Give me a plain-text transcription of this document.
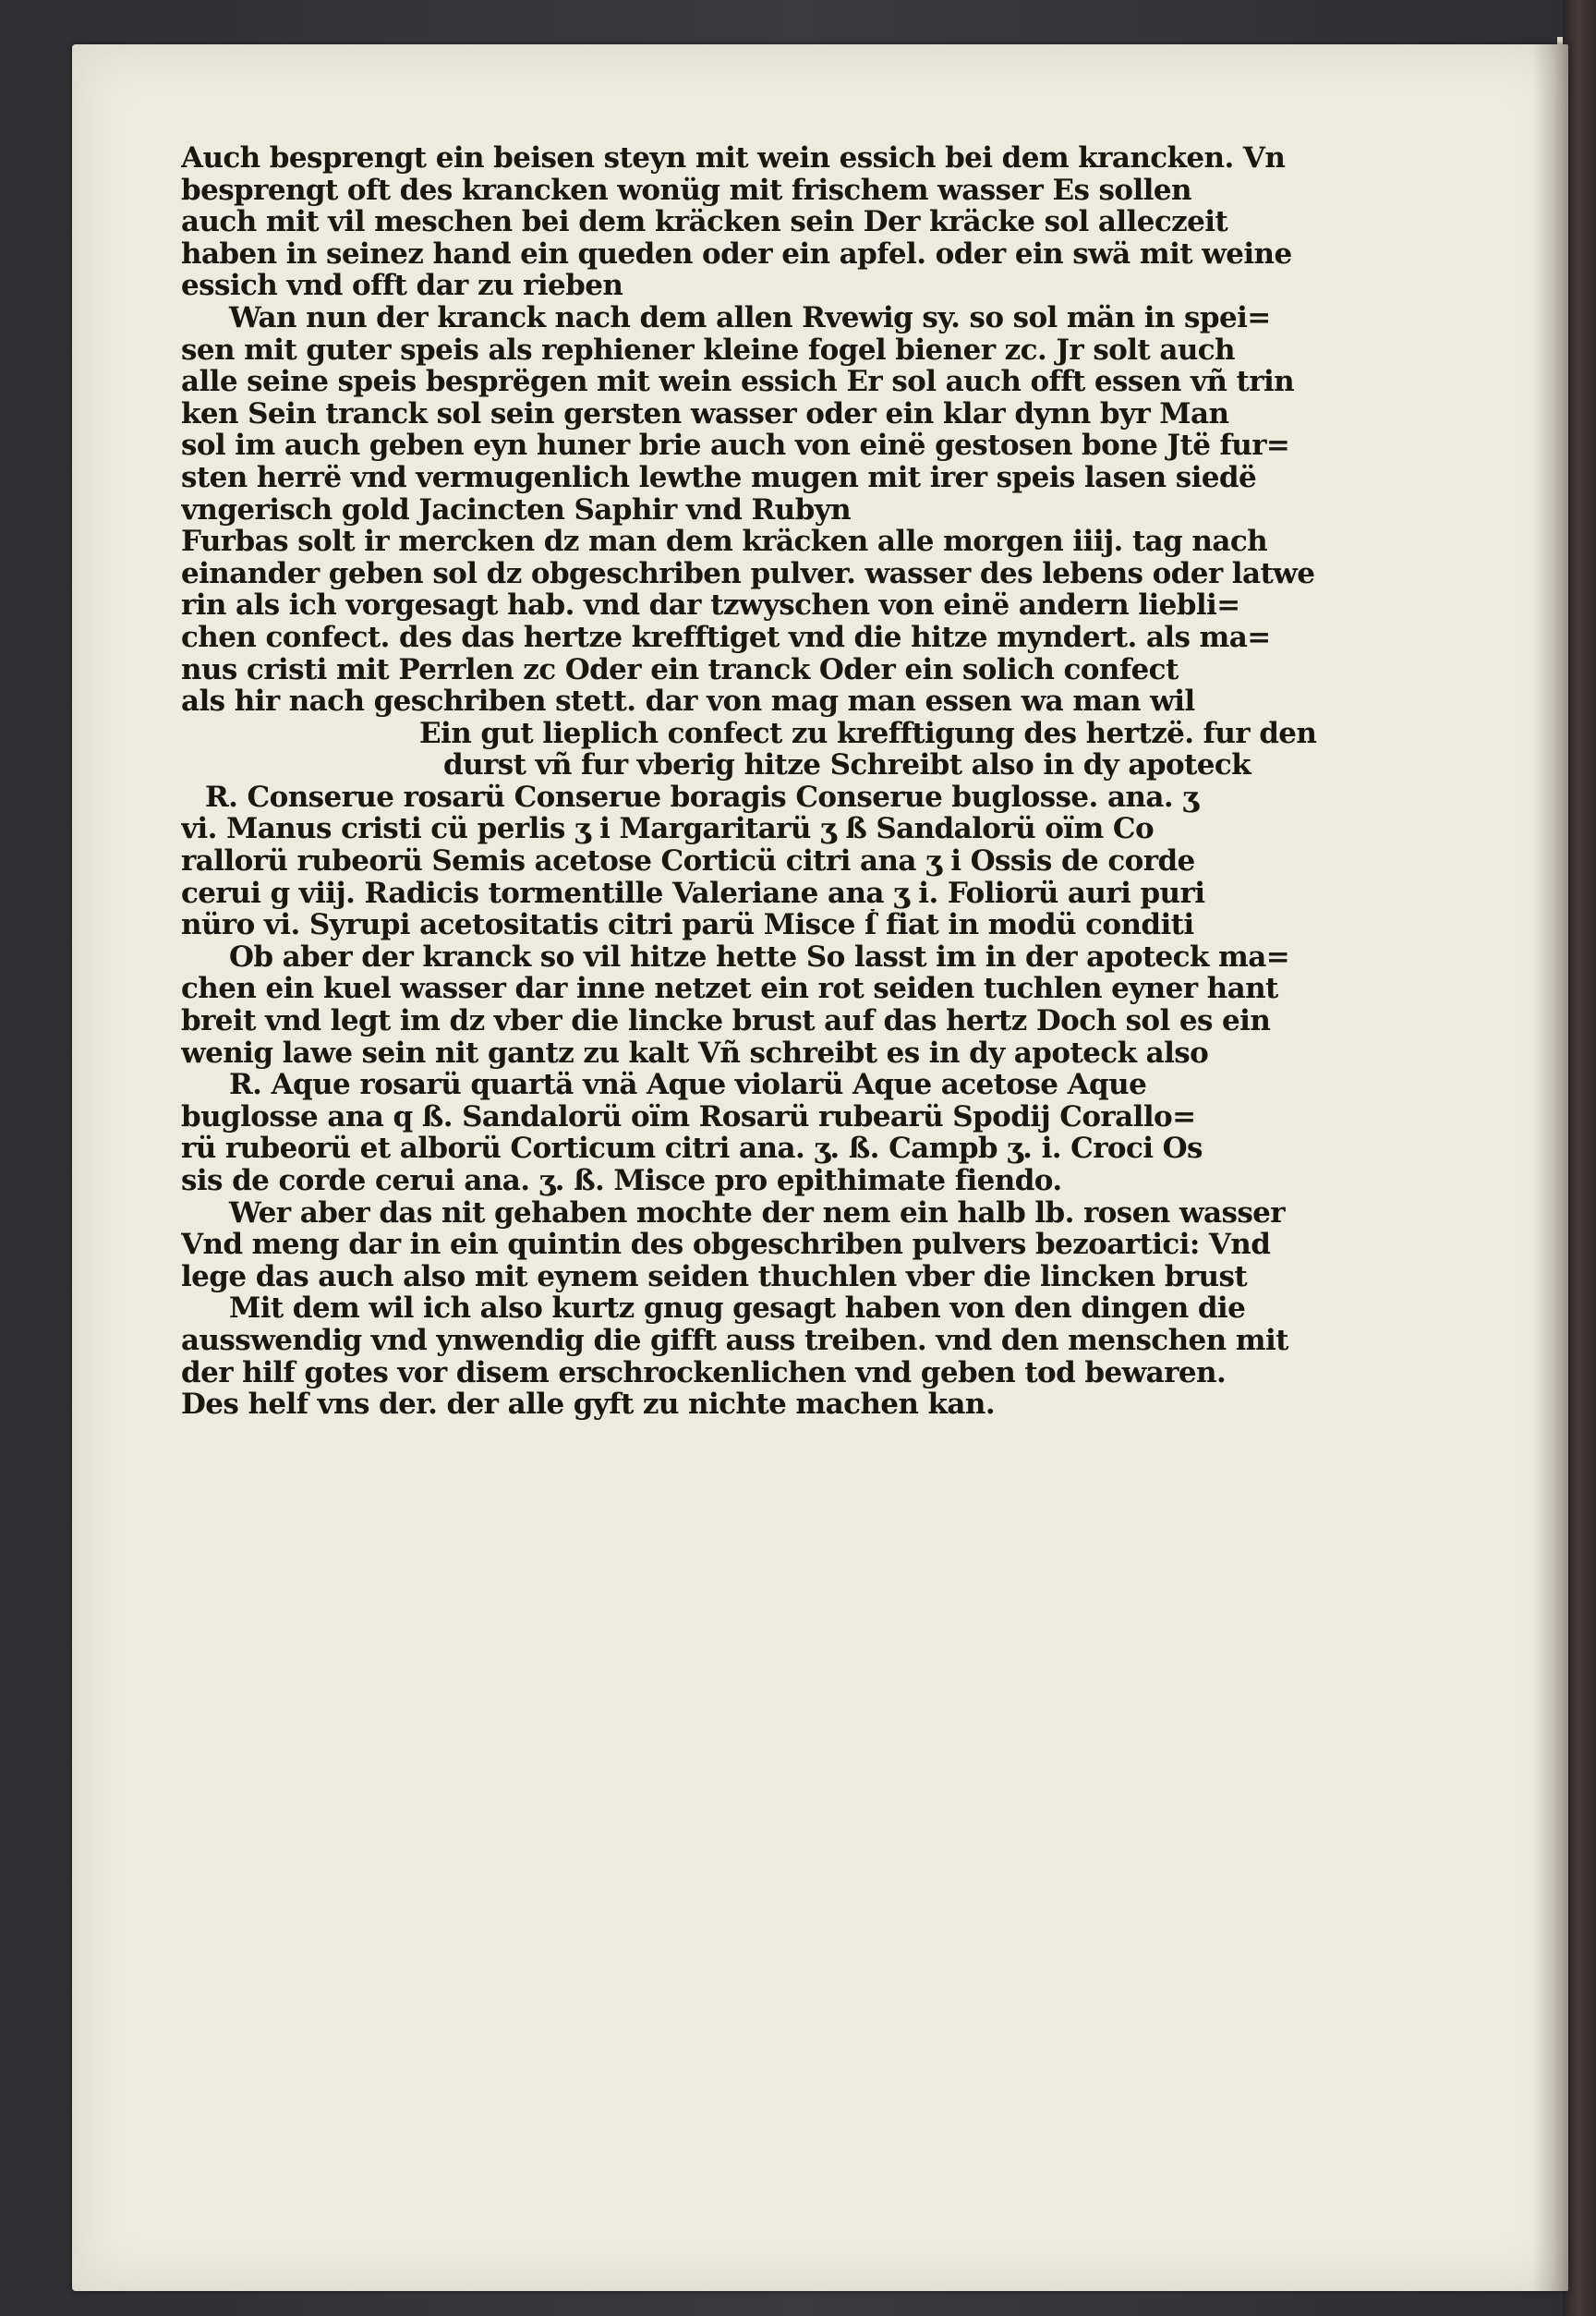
Auch besprengt ein beisen steyn mit wein essich bei dem krancken. Vn
besprengt oft des krancken wonüg mit frischem wasser Es sollen
auch mit vil meschen bei dem kräcken sein Der kräcke sol alleczeit
haben in seinez hand ein queden oder ein apfel. oder ein swä mit weine
essich vnd offt dar zu rieben
Wan nun der kranck nach dem allen Rvewig sy. so sol män in spei=
sen mit guter speis als rephiener kleine fogel biener zc. Jr solt auch
alle seine speis besprëgen mit wein essich Er sol auch offt essen vñ trin
ken Sein tranck sol sein gersten wasser oder ein klar dynn byr Man
sol im auch geben eyn huner brie auch von einë gestosen bone Jtë fur=
sten herrë vnd vermugenlich lewthe mugen mit irer speis lasen siedë
vngerisch gold Jacincten Saphir vnd Rubyn
Furbas solt ir mercken dz man dem kräcken alle morgen iiij. tag nach
einander geben sol dz obgeschriben pulver. wasser des lebens oder latwe
rin als ich vorgesagt hab. vnd dar tzwyschen von einë andern liebli=
chen confect. des das hertze krefftiget vnd die hitze myndert. als ma=
nus cristi mit Perrlen zc Oder ein tranck Oder ein solich confect
als hir nach geschriben stett. dar von mag man essen wa man wil
Ein gut lieplich confect zu krefftigung des hertzë. fur den
durst vñ fur vberig hitze Schreibt also in dy apoteck
R. Conserue rosarü Conserue boragis Conserue buglosse. ana. ʒ
vi. Manus cristi cü perlis ʒ i Margaritarü ʒ ß Sandalorü oïm Co
rallorü rubeorü Semis acetose Corticü citri ana ʒ i Ossis de corde
cerui g viij. Radicis tormentille Valeriane ana ʒ i. Foliorü auri puri
nüro vi. Syrupi acetositatis citri parü Misce ẛ fiat in modü conditi
Ob aber der kranck so vil hitze hette So lasst im in der apoteck ma=
chen ein kuel wasser dar inne netzet ein rot seiden tuchlen eyner hant
breit vnd legt im dz vber die lincke brust auf das hertz Doch sol es ein
wenig lawe sein nit gantz zu kalt Vñ schreibt es in dy apoteck also
R. Aque rosarü quartä vnä Aque violarü Aque acetose Aque
buglosse ana q ß. Sandalorü oïm Rosarü rubearü Spodij Corallo=
rü rubeorü et alborü Corticum citri ana. ʒ. ß. Campb ʒ. i. Croci Os
sis de corde cerui ana. ʒ. ß. Misce pro epithimate fiendo.
Wer aber das nit gehaben mochte der nem ein halb lb. rosen wasser
Vnd meng dar in ein quintin des obgeschriben pulvers bezoartici: Vnd
lege das auch also mit eynem seiden thuchlen vber die lincken brust
Mit dem wil ich also kurtz gnug gesagt haben von den dingen die
ausswendig vnd ynwendig die gifft auss treiben. vnd den menschen mit
der hilf gotes vor disem erschrockenlichen vnd geben tod bewaren.
Des helf vns der. der alle gyft zu nichte machen kan.
